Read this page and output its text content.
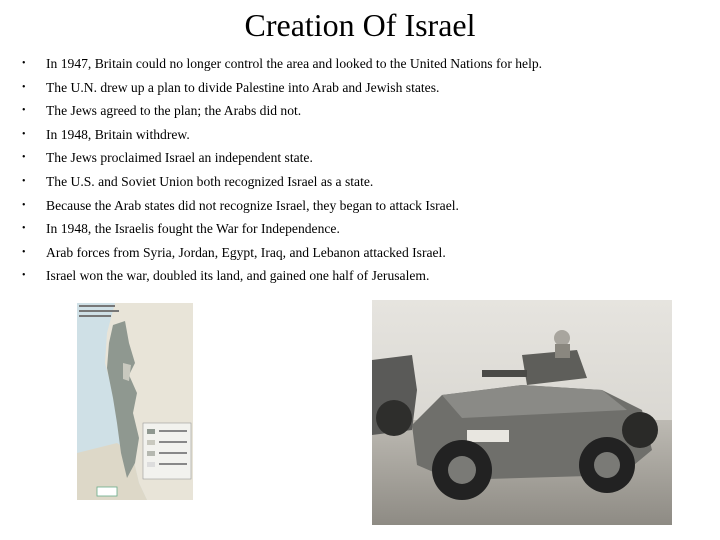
Creation Of Israel
• In 1947, Britain could no longer control the area and looked to the United Nations for help.
• The U.N. drew up a plan to divide Palestine into Arab and Jewish states.
• The Jews agreed to the plan; the Arabs did not.
• In 1948, Britain withdrew.
• The Jews proclaimed Israel an independent state.
• The U.S. and Soviet Union both recognized Israel as a state.
• Because the Arab states did not recognize Israel, they began to attack Israel.
• In 1948, the Israelis fought the War for Independence.
• Arab forces from Syria, Jordan, Egypt, Iraq, and Lebanon attacked Israel.
• Israel won the war, doubled its land, and gained one half of Jerusalem.
